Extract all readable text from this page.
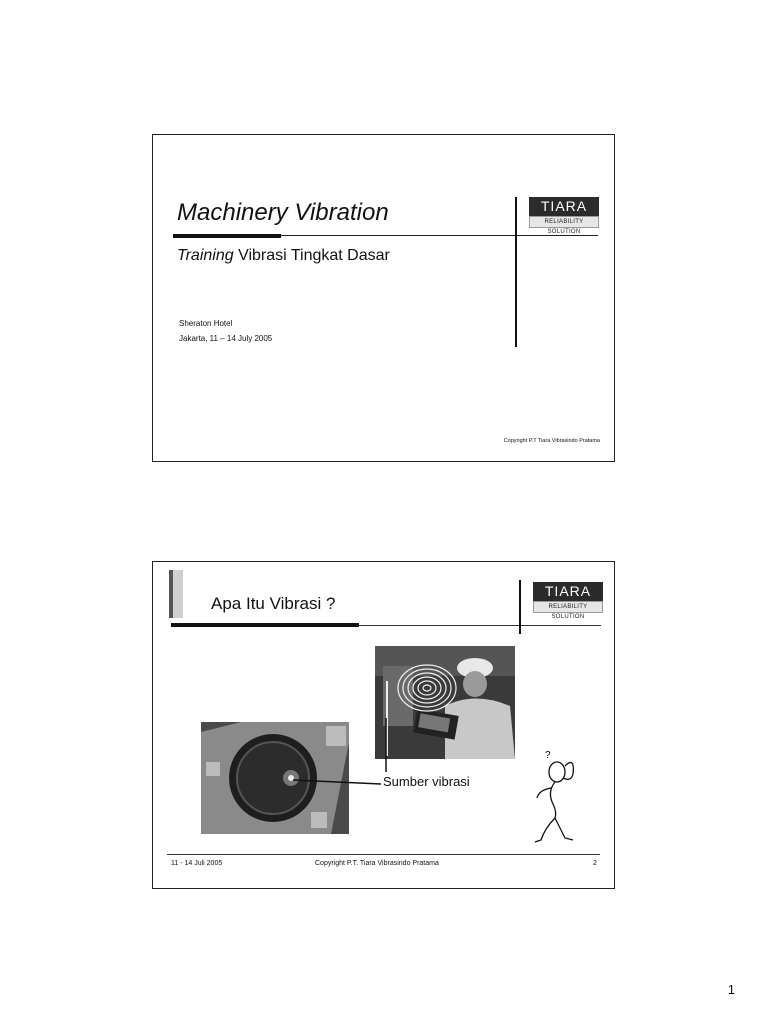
Machinery Vibration	TIARA
RELIABILITY SOLUTION
Training Vibrasi Tingkat Dasar
Sheraton Hotel
Jakarta, 11 – 14 July 2005
Copyright P.T Tiara Vibrasindo Pratama
Apa Itu Vibrasi ?
TIARA
RELIABILITY SOLUTION
Sumber vibrasi
?
11 - 14 Juli 2005	Copyright P.T. Tiara Vibrasindo Pratama	2
1
